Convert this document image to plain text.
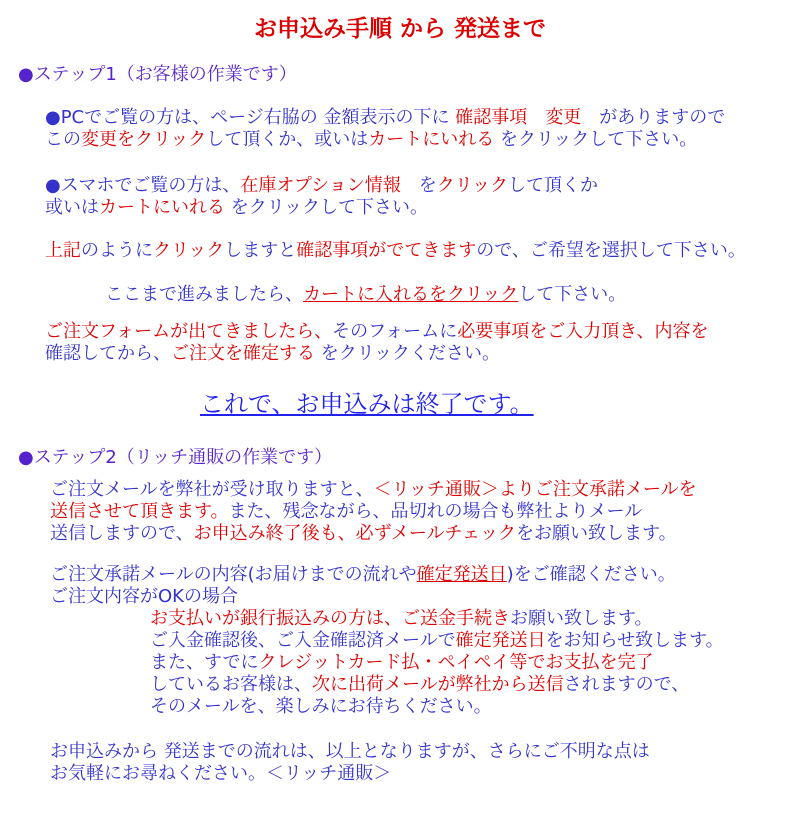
お申込み手順 から 発送まで
●ステップ1（お客様の作業です）
●PCでご覧の方は、ページ右脇の 金額表示の下に 確認事項　変更　がありますので
この変更をクリックして頂くか、或いはカートにいれる をクリックして下さい。
●スマホでご覧の方は、在庫オプション情報　をクリックして頂くか
或いはカートにいれる をクリックして下さい。
上記のようにクリックしますと確認事項がでてきますので、ご希望を選択して下さい。
ここまで進みましたら、カートに入れるをクリックして下さい。
ご注文フォームが出てきましたら、そのフォームに必要事項をご入力頂き、内容を
確認してから、ご注文を確定する をクリックください。
これで、お申込みは終了です。
●ステップ2（リッチ通販の作業です）
ご注文メールを弊社が受け取りますと、＜リッチ通販＞よりご注文承諾メールを
送信させて頂きます。また、残念ながら、品切れの場合も弊社よりメール
送信しますので、お申込み終了後も、必ずメールチェックをお願い致します。
ご注文承諾メールの内容(お届けまでの流れや確定発送日)をご確認ください。
ご注文内容がOKの場合
お支払いが銀行振込みの方は、ご送金手続きお願い致します。
ご入金確認後、ご入金確認済メールで確定発送日をお知らせ致します。
また、すでにクレジットカード払・ペイペイ等でお支払を完了
しているお客様は、次に出荷メールが弊社から送信されますので、
そのメールを、楽しみにお待ちください。
お申込みから 発送までの流れは、以上となりますが、さらにご不明な点は
お気軽にお尋ねください。＜リッチ通販＞
